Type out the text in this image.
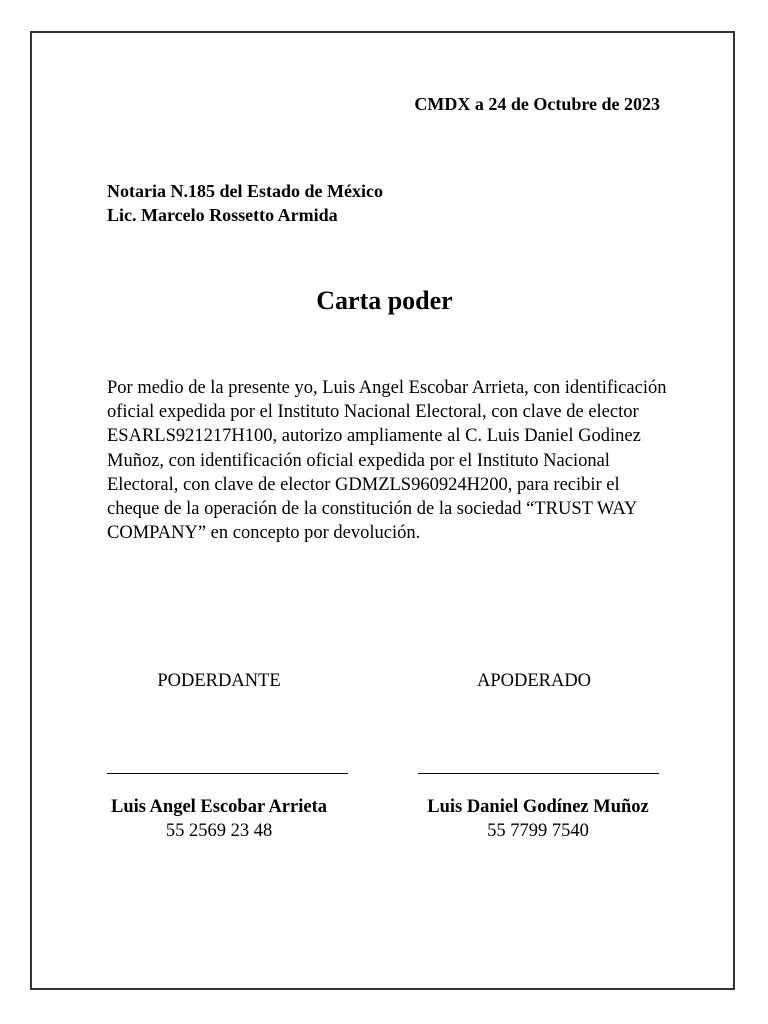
CMDX a 24 de Octubre de 2023
Notaria N.185 del Estado de México
Lic. Marcelo Rossetto Armida
Carta poder

Por medio de la presente yo, Luis Angel Escobar Arrieta, con identificación oficial expedida por el Instituto Nacional Electoral, con clave de elector ESARLS921217H100, autorizo ampliamente al C. Luis Daniel Godinez Muñoz, con identificación oficial expedida por el Instituto Nacional Electoral, con clave de elector GDMZLS960924H200, para recibir el cheque de la operación de la constitución de la sociedad “TRUST WAY COMPANY” en concepto por devolución.

PODERDANTE	APODERADO
Luis Angel Escobar Arrieta
55 2569 23 48
Luis Daniel Godínez Muñoz
55 7799 7540
